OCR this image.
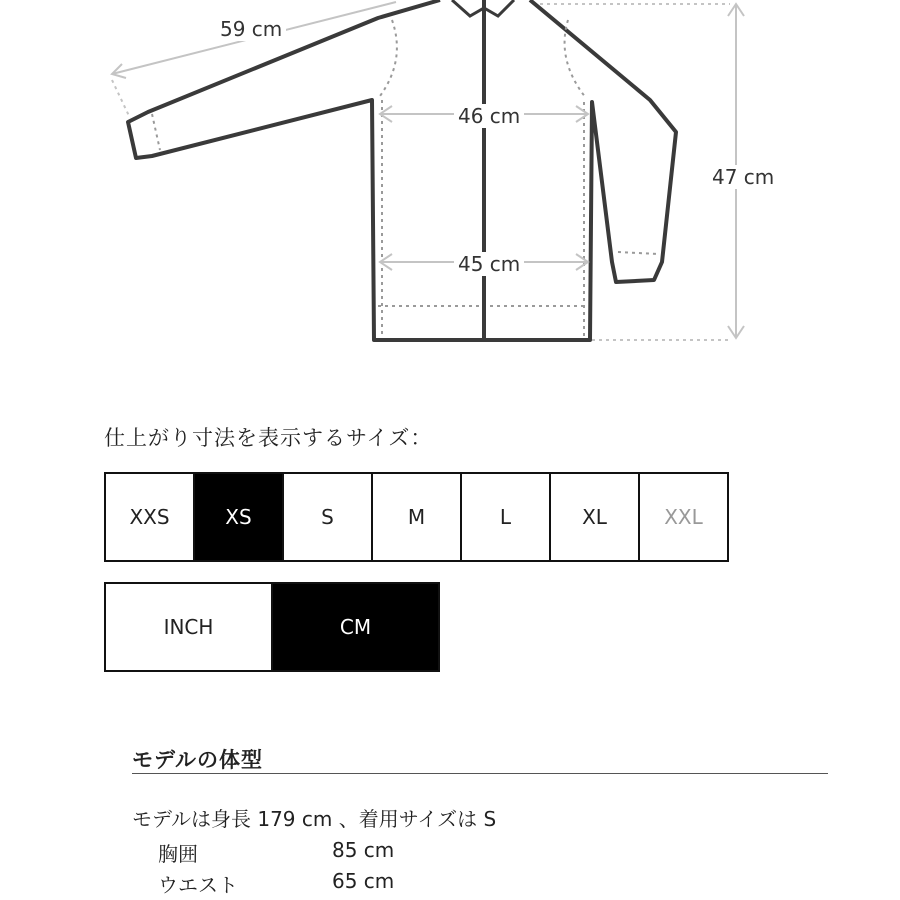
59 cm
46 cm
45 cm
47 cm
仕上がり寸法を表示するサイズ：
XXS	XS	S	M	L	XL	XXL
INCH	CM
モデルの体型
モデルは身長 179 cm 、着用サイズは S
胸囲	85 cm
ウエスト	65 cm
